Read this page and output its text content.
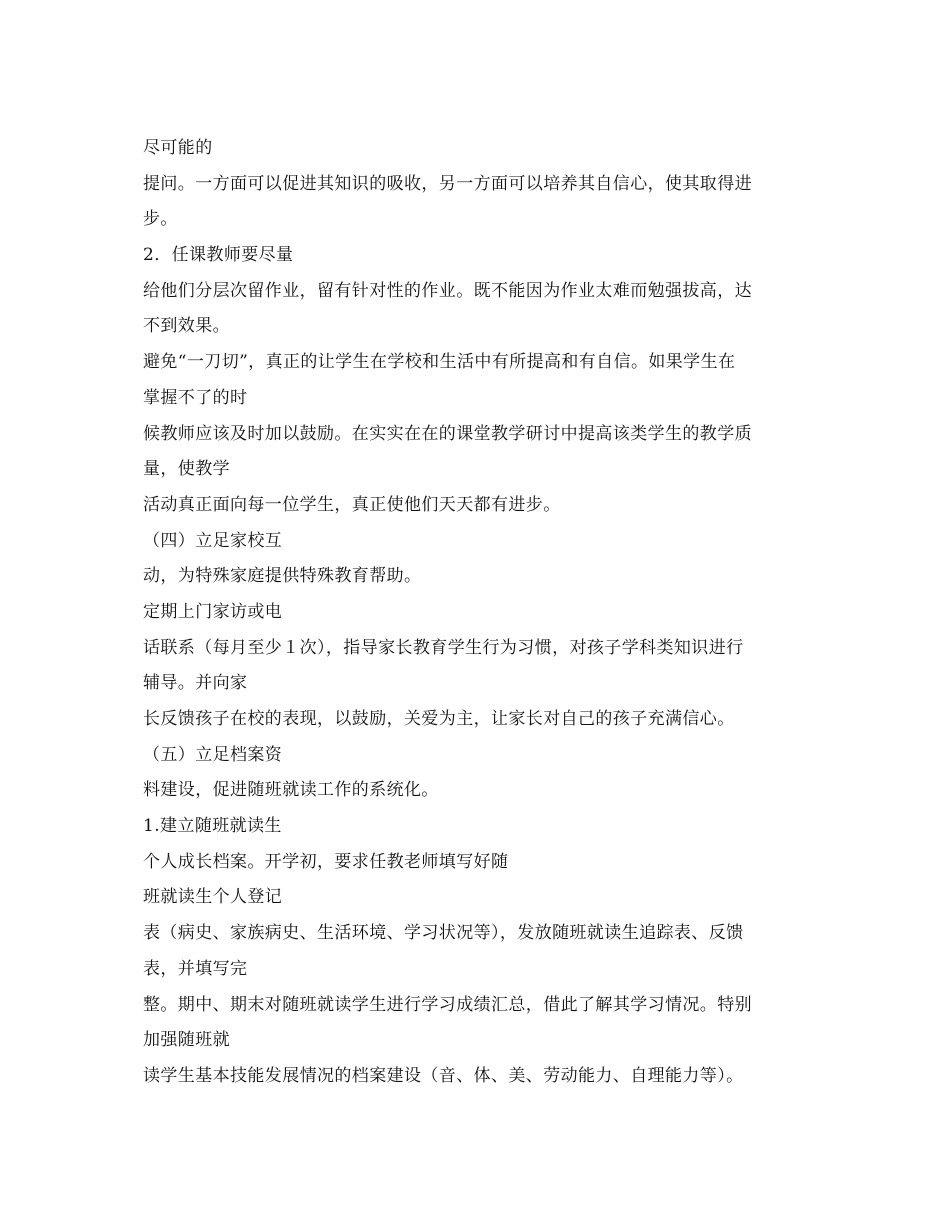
尽可能的
提问。一方面可以促进其知识的吸收，另一方面可以培养其自信心，使其取得进
步。
2．任课教师要尽量
给他们分层次留作业，留有针对性的作业。既不能因为作业太难而勉强拔高，达
不到效果。
避免“一刀切”，真正的让学生在学校和生活中有所提高和有自信。如果学生在
掌握不了的时
候教师应该及时加以鼓励。在实实在在的课堂教学研讨中提高该类学生的教学质
量，使教学
活动真正面向每一位学生，真正使他们天天都有进步。
（四）立足家校互
动，为特殊家庭提供特殊教育帮助。
定期上门家访或电
话联系（每月至少１次），指导家长教育学生行为习惯，对孩子学科类知识进行
辅导。并向家
长反馈孩子在校的表现，以鼓励，关爱为主，让家长对自己的孩子充满信心。
（五）立足档案资
料建设，促进随班就读工作的系统化。
1.建立随班就读生
个人成长档案。开学初，要求任教老师填写好随
班就读生个人登记
表（病史、家族病史、生活环境、学习状况等），发放随班就读生追踪表、反馈
表，并填写完
整。期中、期末对随班就读学生进行学习成绩汇总，借此了解其学习情况。特别
加强随班就
读学生基本技能发展情况的档案建设（音、体、美、劳动能力、自理能力等）。
